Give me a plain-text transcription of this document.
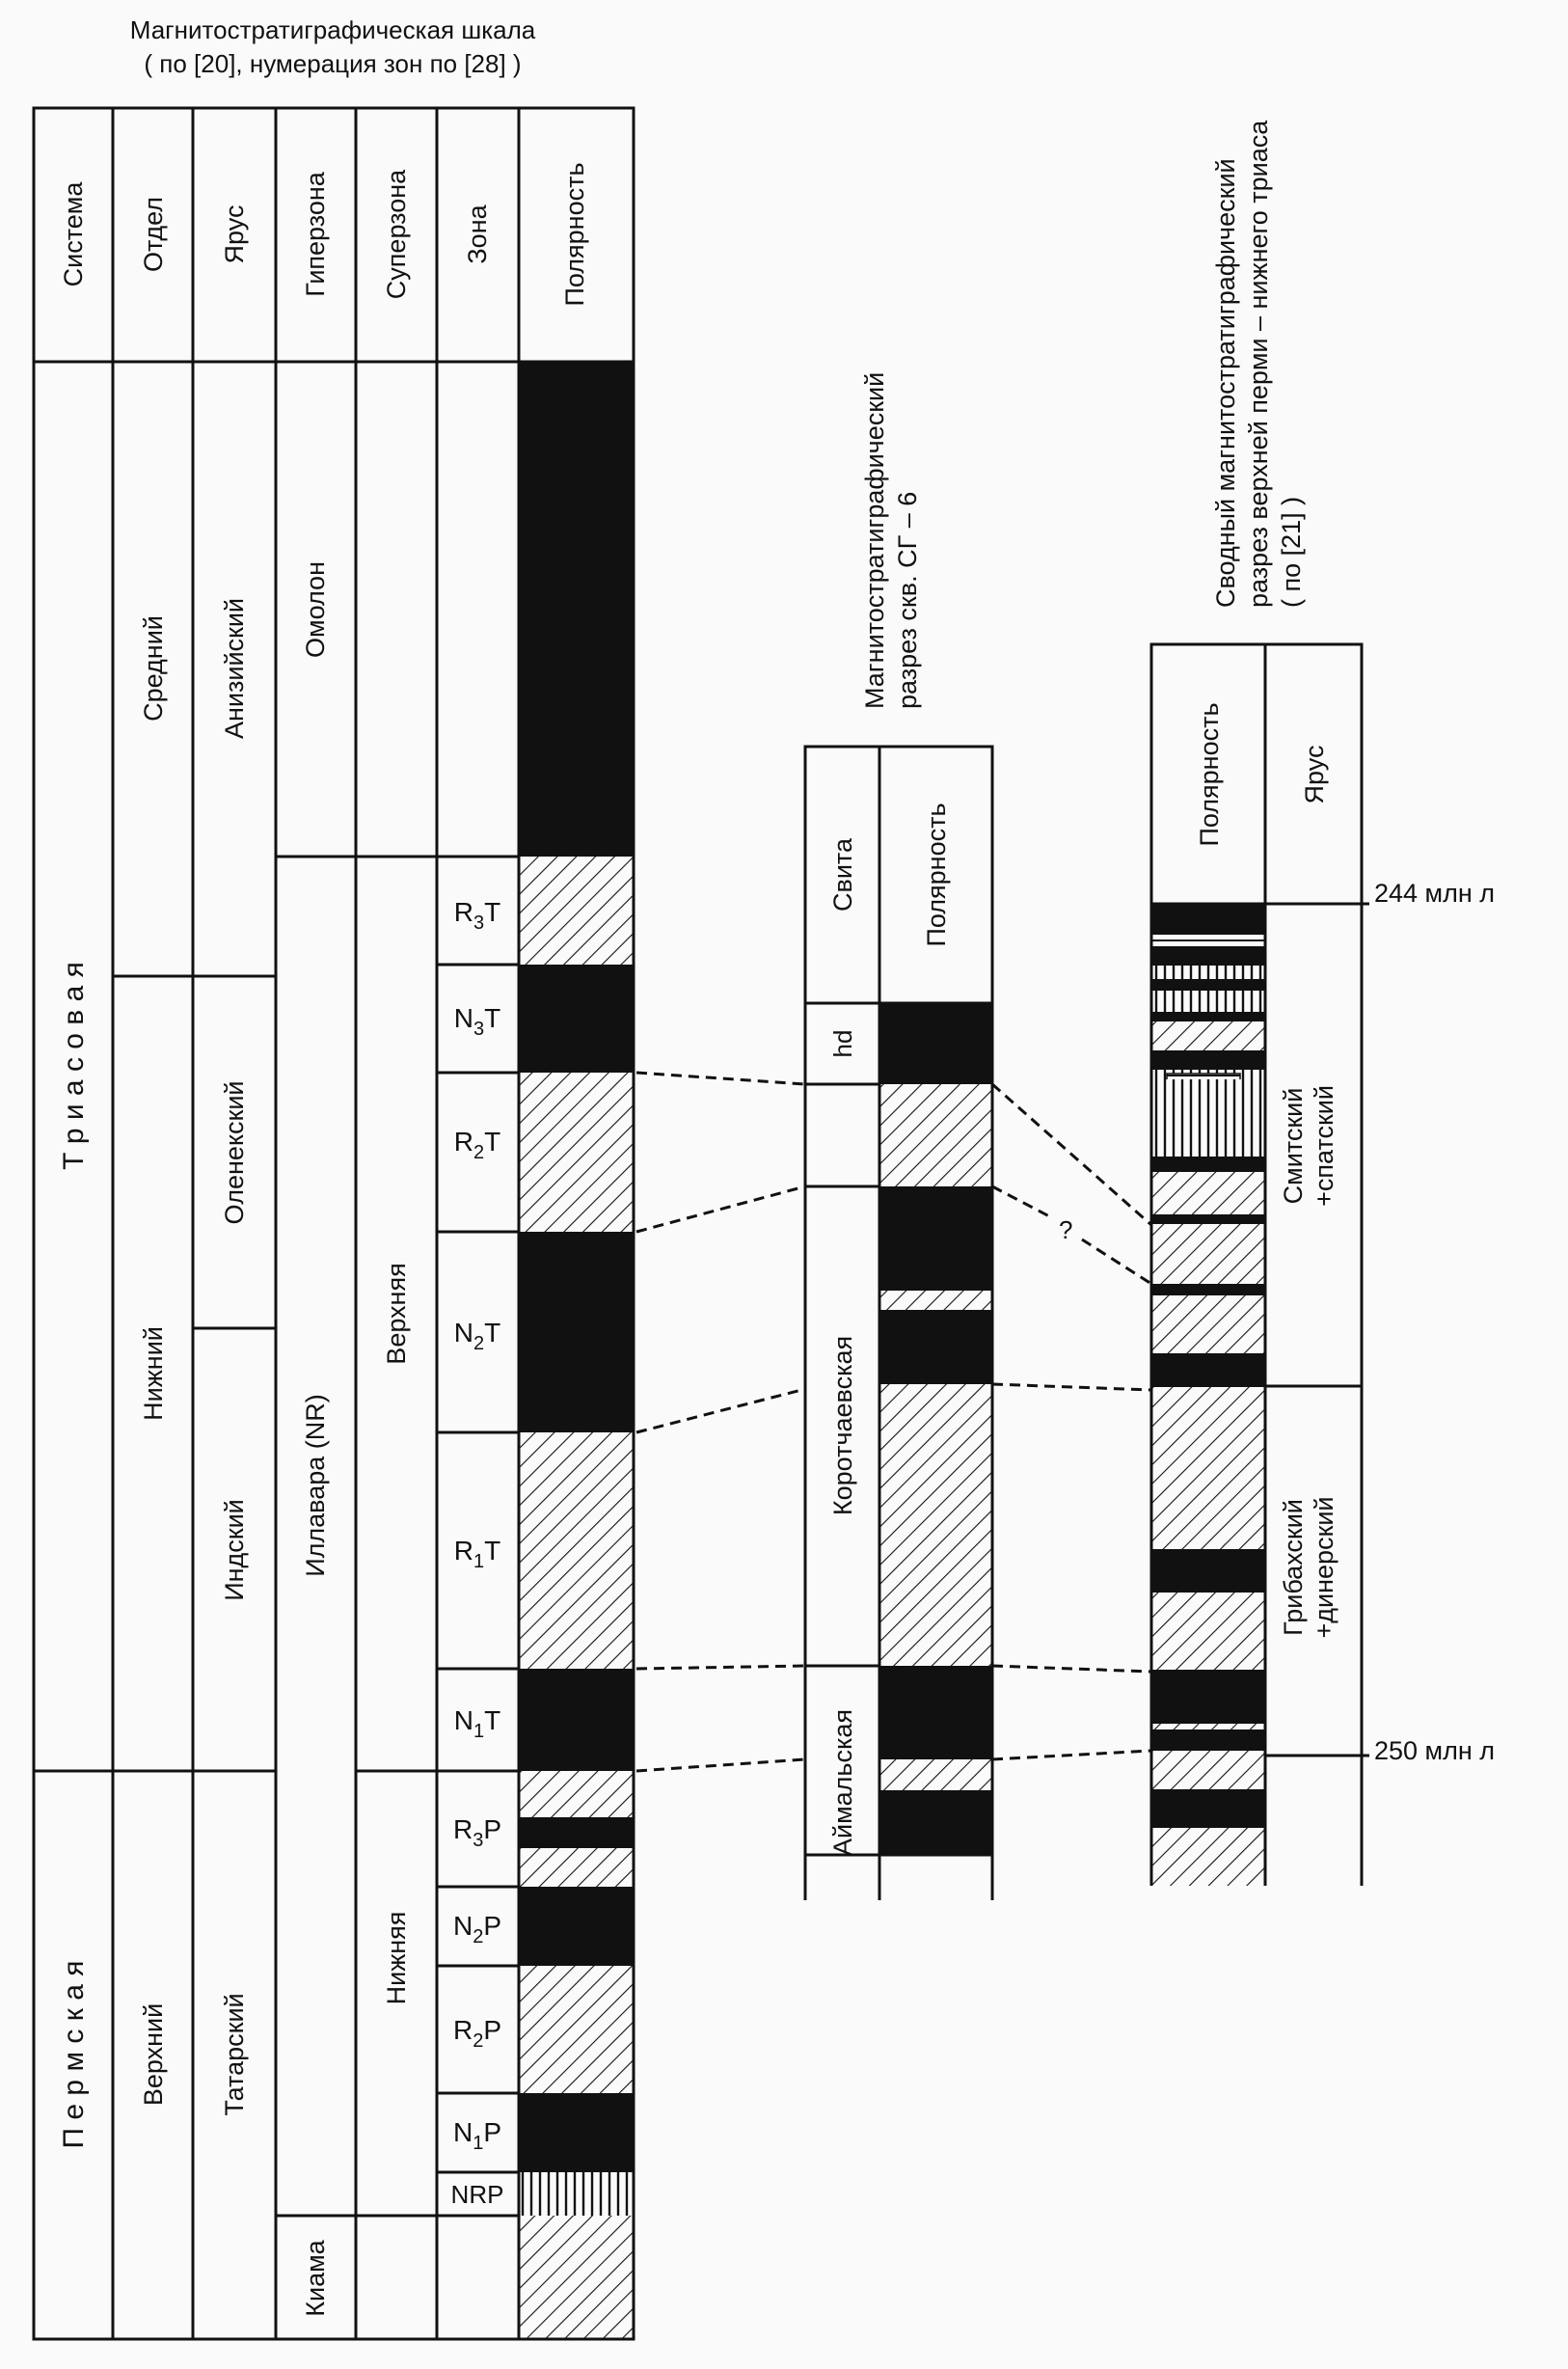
Магнитостратиграфическая шкала
( по [20], нумерация зон по [28] )
Система Отдел Ярус Гиперзона Суперзона Зона	Полярность
Т р и а с о в а я
П е р м с к а я
Средний
Нижний
Верхний
Анизийский
Оленекский
Индский
Татарский
Омолон
Иллавара (NR)
Киама
Верхняя
Нижняя
$R_3T$
$N_3T$
$R_2T$
$N_2T$
$R_1T$
$N_1T$
$R_3P$
$N_2P$
$R_2P$
$N_1P$
NRP
Магнитостратиграфический разрез скв. СГ – 6
Свита Полярность
hd
Коротчаевская
Аймальская
Сводный магнитостратиграфический разрез верхней перми – нижнего триаса ( по [21] )
Полярность	Ярус
Смитский +спатский
Грибахский +динерский
244 млн л
250 млн л
?
